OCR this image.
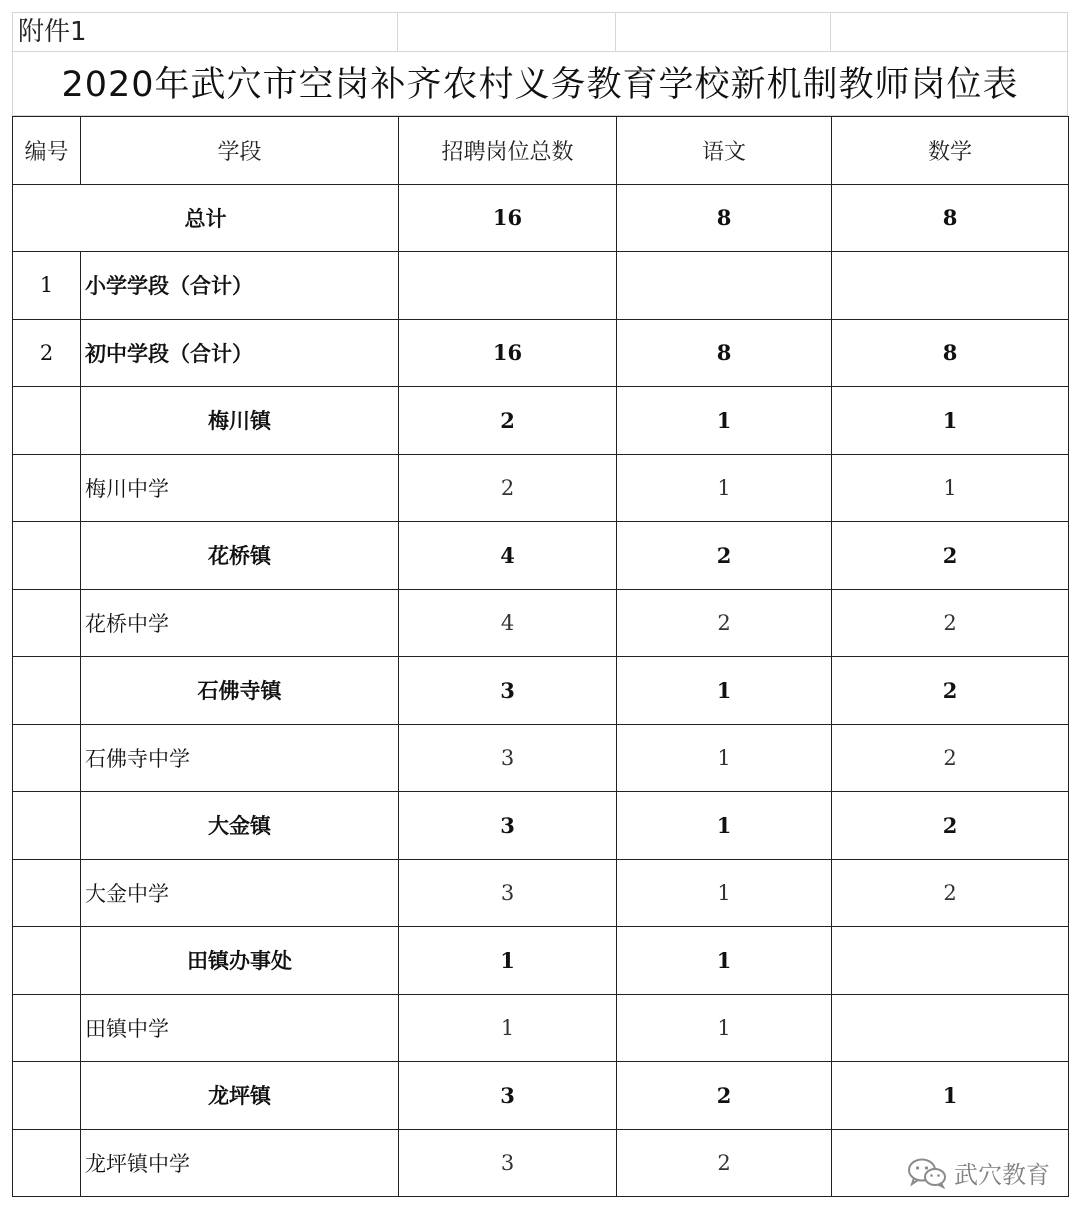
附件1
2020年武穴市空岗补齐农村义务教育学校新机制教师岗位表
编号	学段	招聘岗位总数	语文	数学
总计		16	8	8
1	小学学段（合计）			
2	初中学段（合计）	16	8	8
	梅川镇	2	1	1
	梅川中学	2	1	1
	花桥镇	4	2	2
	花桥中学	4	2	2
	石佛寺镇	3	1	2
	石佛寺中学	3	1	2
	大金镇	3	1	2
	大金中学	3	1	2
	田镇办事处	1	1	
	田镇中学	1	1	
	龙坪镇	3	2	1
	龙坪镇中学	3	2		武穴教育
